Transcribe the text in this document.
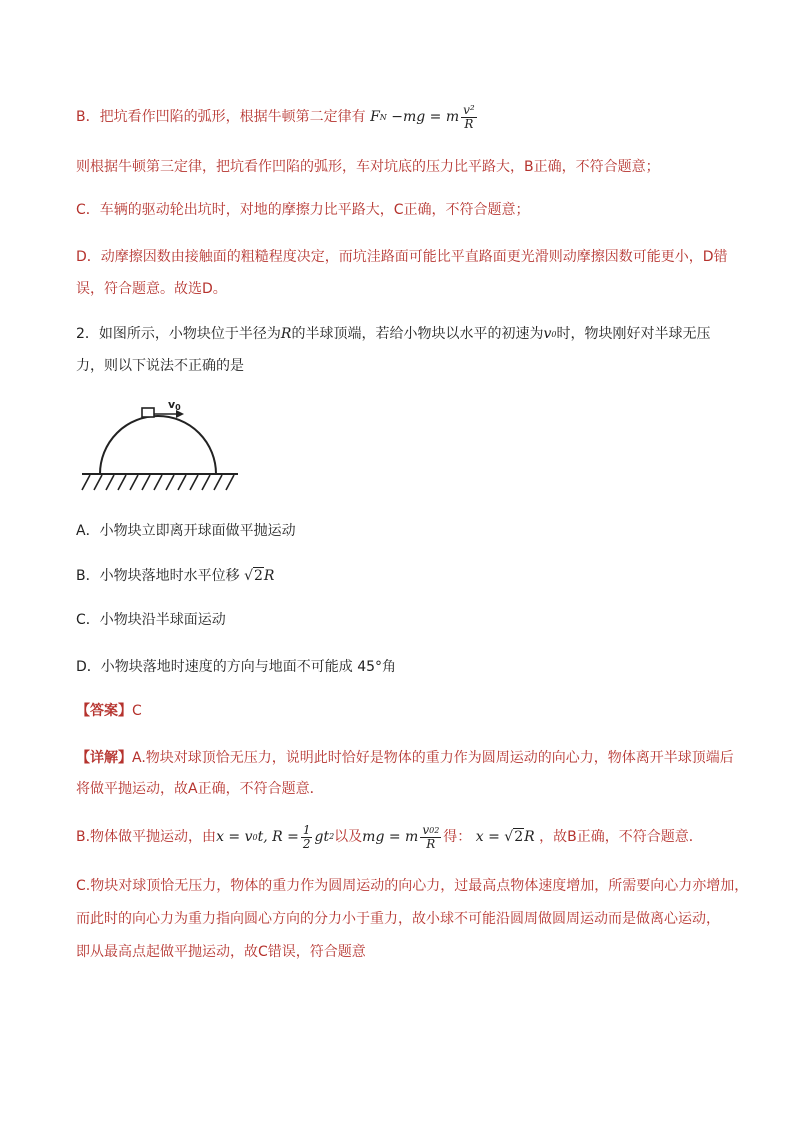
B．把坑看作凹陷的弧形，根据牛顿第二定律有 FN −mg = m $\frac{\text{v²}}{R}$
则根据牛顿第三定律，把坑看作凹陷的弧形，车对坑底的压力比平路大，B正确，不符合题意；
C．车辆的驱动轮出坑时，对地的摩擦力比平路大，C正确，不符合题意；
D．动摩擦因数由接触面的粗糙程度决定，而坑洼路面可能比平直路面更光滑则动摩擦因数可能更小，D错
误，符合题意。故选D。
2．如图所示，小物块位于半径为R的半球顶端，若给小物块以水平的初速为v0时，物块刚好对半球无压
力，则以下说法不正确的是
v0
A．小物块立即离开球面做平抛运动
B．小物块落地时水平位移 √2R
C．小物块沿半球面运动
D．小物块落地时速度的方向与地面不可能成 45°角
【答案】C
【详解】A.物块对球顶恰无压力，说明此时恰好是物体的重力作为圆周运动的向心力，物体离开半球顶端后
将做平抛运动，故A正确，不符合题意．
B.物体做平抛运动，由x = v0t, $R = \frac{1}{2} gt^2$以及mg = m $\frac{v0^2}{R}$ 得： x = √2R ，故B正确，不符合题意．
C.物块对球顶恰无压力，物体的重力作为圆周运动的向心力，过最高点物体速度增加，所需要向心力亦增加，
而此时的向心力为重力指向圆心方向的分力小于重力，故小球不可能沿圆周做圆周运动而是做离心运动，
即从最高点起做平抛运动，故C错误，符合题意
